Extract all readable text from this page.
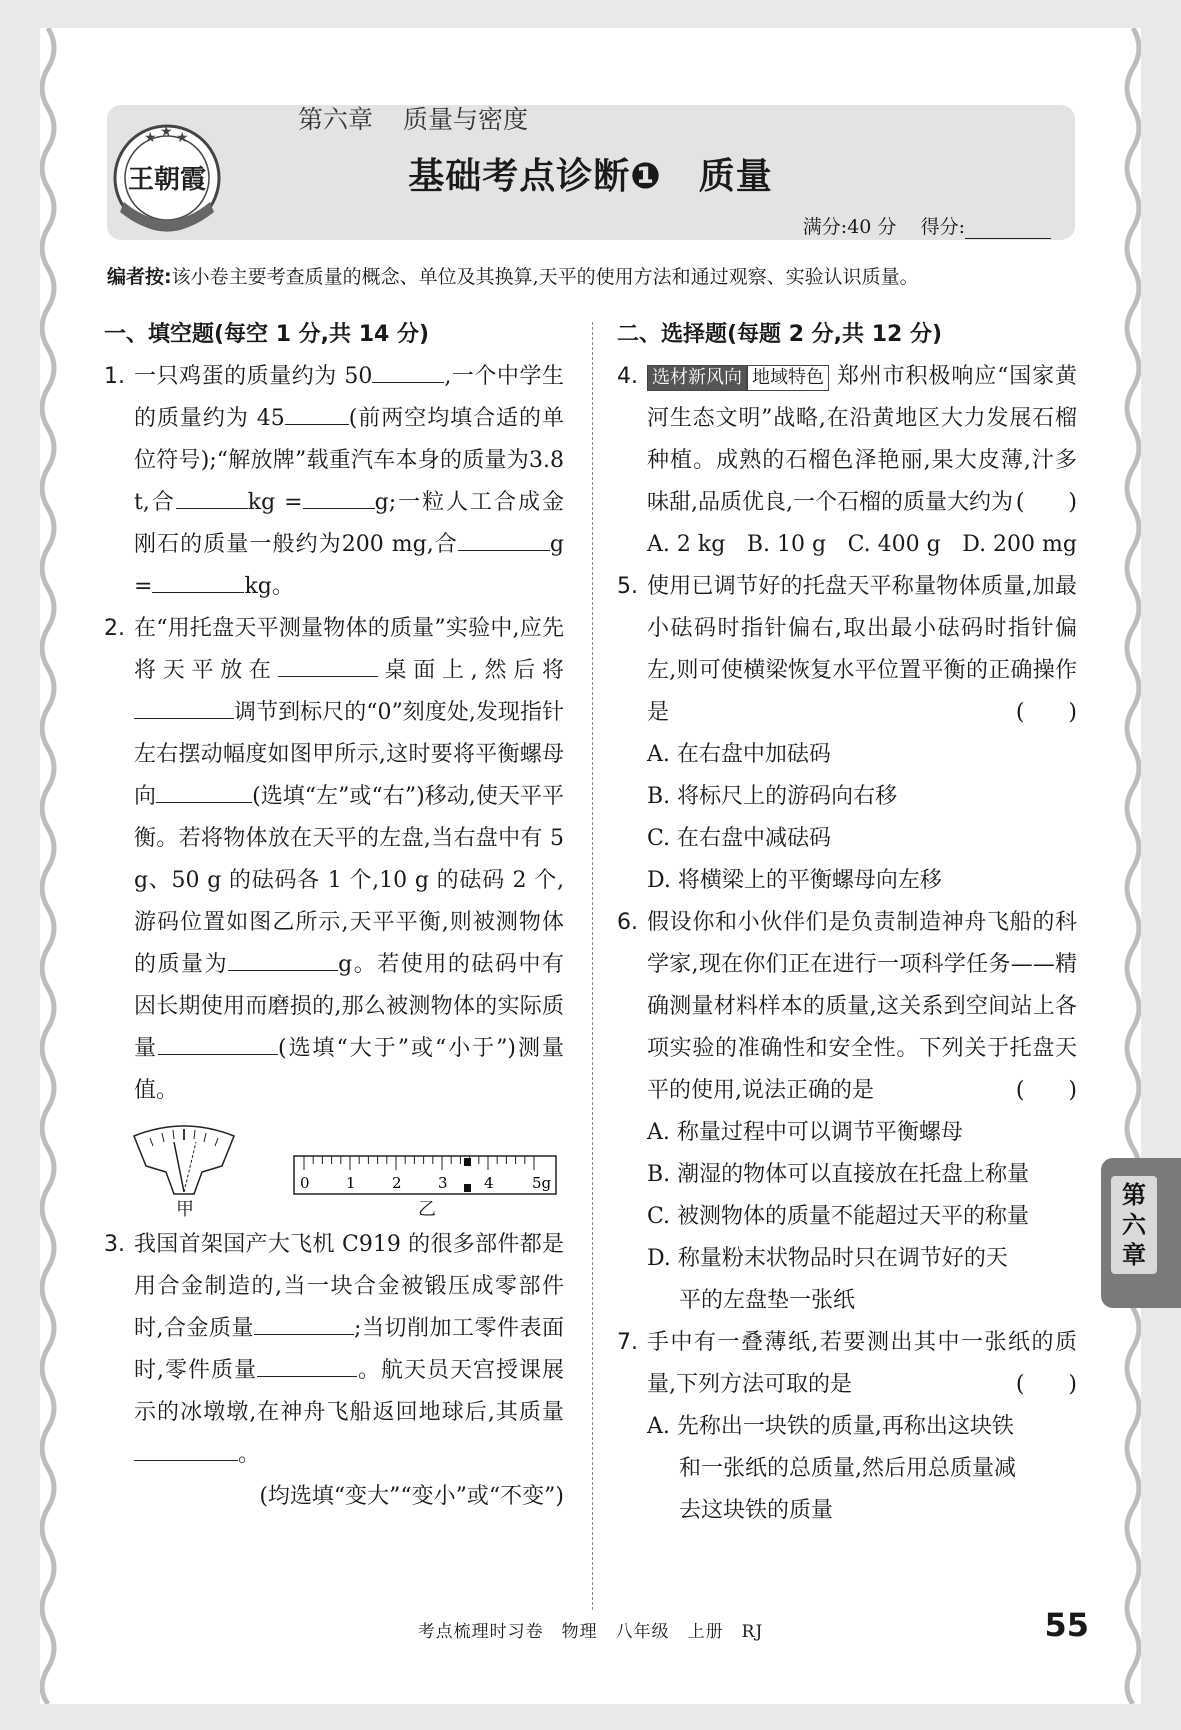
★ ★ ★
王朝霞
第六章 质量与密度
基础考点诊断❶　质量
满分:40 分 得分:
编者按:该小卷主要考查质量的概念、单位及其换算,天平的使用方法和通过观察、实验认识质量。
一、填空题(每空 1 分,共 14 分)
1. 一只鸡蛋的质量约为 50	,一个中学生的质量约为 45	(前两空均填合适的单位符号);“解放牌”载重汽车本身的质量为3.8 t,合	kg =	g;一粒人工合成金刚石的质量一般约为200 mg,合	g =	kg。
2. 在“用托盘天平测量物体的质量”实验中,应先将天平放在	桌面上,然后将调节到标尺的“0”刻度处,发现指针左右摆动幅度如图甲所示,这时要将平衡螺母向	(选填“左”或“右”)移动,使天平平衡。若将物体放在天平的左盘,当右盘中有 5 g、50 g 的砝码各 1 个,10 g 的砝码 2 个,游码位置如图乙所示,天平平衡,则被测物体的质量为	g。若使用的砝码中有因长期使用而磨损的,那么被测物体的实际质量	(选填“大于”或“小于”)测量值。
0 1 2 3 4	5g
甲	乙
3. 我国首架国产大飞机 C919 的很多部件都是用合金制造的,当一块合金被锻压成零部件时,合金质量	;当切削加工零件表面时,零件质量	。航天员天宫授课展示的冰墩墩,在神舟飞船返回地球后,其质量。
(均选填“变大”“变小”或“不变”)
二、选择题(每题 2 分,共 12 分)
4. 选材新风向 地域特色 郑州市积极响应“国家黄河生态文明”战略,在沿黄地区大力发展石榴种植。成熟的石榴色泽艳丽,果大皮薄,汁多味甜,品质优良,一个石榴的质量大约为 (　　)
A. 2 kg B. 10 g C. 400 g D. 200 mg
5. 使用已调节好的托盘天平称量物体质量,加最小砝码时指针偏右,取出最小砝码时指针偏左,则可使横梁恢复水平位置平衡的正确操作是	(　　)
A. 在右盘中加砝码
B. 将标尺上的游码向右移
C. 在右盘中减砝码
D. 将横梁上的平衡螺母向左移
6. 假设你和小伙伴们是负责制造神舟飞船的科学家,现在你们正在进行一项科学任务——精确测量材料样本的质量,这关系到空间站上各项实验的准确性和安全性。下列关于托盘天平的使用,说法正确的是	(　　)
A. 称量过程中可以调节平衡螺母
B. 潮湿的物体可以直接放在托盘上称量
C. 被测物体的质量不能超过天平的称量
D. 称量粉末状物品时只在调节好的天
平的左盘垫一张纸
7. 手中有一叠薄纸,若要测出其中一张纸的质量,下列方法可取的是	(　　)
A. 先称出一块铁的质量,再称出这块铁
和一张纸的总质量,然后用总质量减
去这块铁的质量
第六章
考点梳理时习卷　物理　八年级　上册　RJ	55
